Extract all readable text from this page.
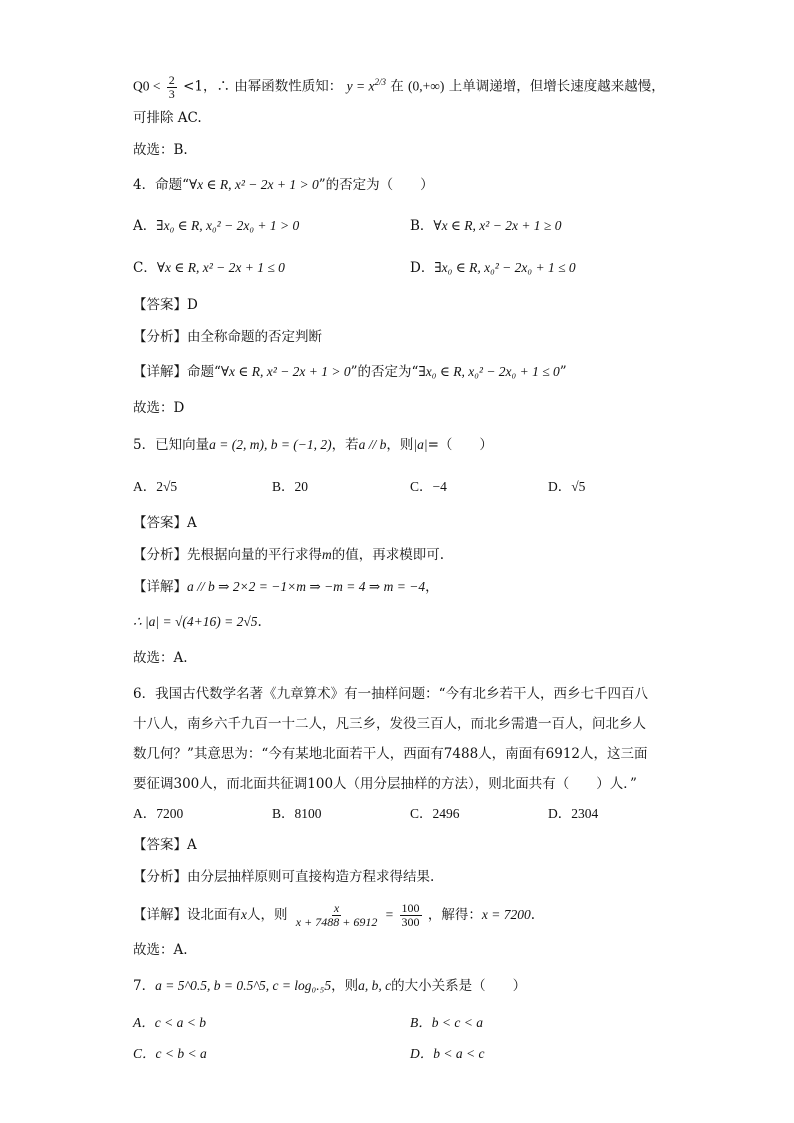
$Q0 < \frac{2}{3} <1$，∴ 由幂函数性质知： $y = x^{2/3}$ 在 (0,+∞) 上单调递增，但增长速度越来越慢，
可排除 AC.
故选：B.
4．命题“∀x ∈ R, x² − 2x + 1 > 0”的否定为（　　）
A．∃x₀ ∈ R, x₀² − 2x₀ + 1 > 0	B．∀x ∈ R, x² − 2x + 1 ≥ 0
C．∀x ∈ R, x² − 2x + 1 ≤ 0	D．∃x₀ ∈ R, x₀² − 2x₀ + 1 ≤ 0
【答案】D
【分析】由全称命题的否定判断
【详解】命题“∀x ∈ R, x² − 2x + 1 > 0”的否定为“∃x₀ ∈ R, x₀² − 2x₀ + 1 ≤ 0”
故选：D
5．已知向量a = (2, m), b = (−1, 2)，若a // b，则|a|=（　　）
A．2√5	B．20	C．−4	D．√5
【答案】A
【分析】先根据向量的平行求得m的值，再求模即可.
【详解】a // b ⇒ 2×2 = −1×m ⇒ −m = 4 ⇒ m = −4，
∴ |a| = √(4+16) = 2√5.
故选：A.
6．我国古代数学名著《九章算术》有一抽样问题：“今有北乡若干人，西乡七千四百八
十八人，南乡六千九百一十二人，凡三乡，发役三百人，而北乡需遣一百人，问北乡人
数几何？”其意思为：“今有某地北面若干人，西面有7488人，南面有6912人，这三面
要征调300人，而北面共征调100人（用分层抽样的方法），则北面共有（　　）人．”
A．7200	B．8100	C．2496	D．2304
【答案】A
【分析】由分层抽样原则可直接构造方程求得结果.
【详解】设北面有x人，则 $\frac{x}{x + 7488 + 6912} = \frac{100}{300}$ ，解得：x = 7200.
故选：A.
7．a = 5^0.5, b = 0.5^5, c = log₀.₅5，则a, b, c的大小关系是（　　）
A．c < a < b	B．b < c < a
C．c < b < a	D．b < a < c
